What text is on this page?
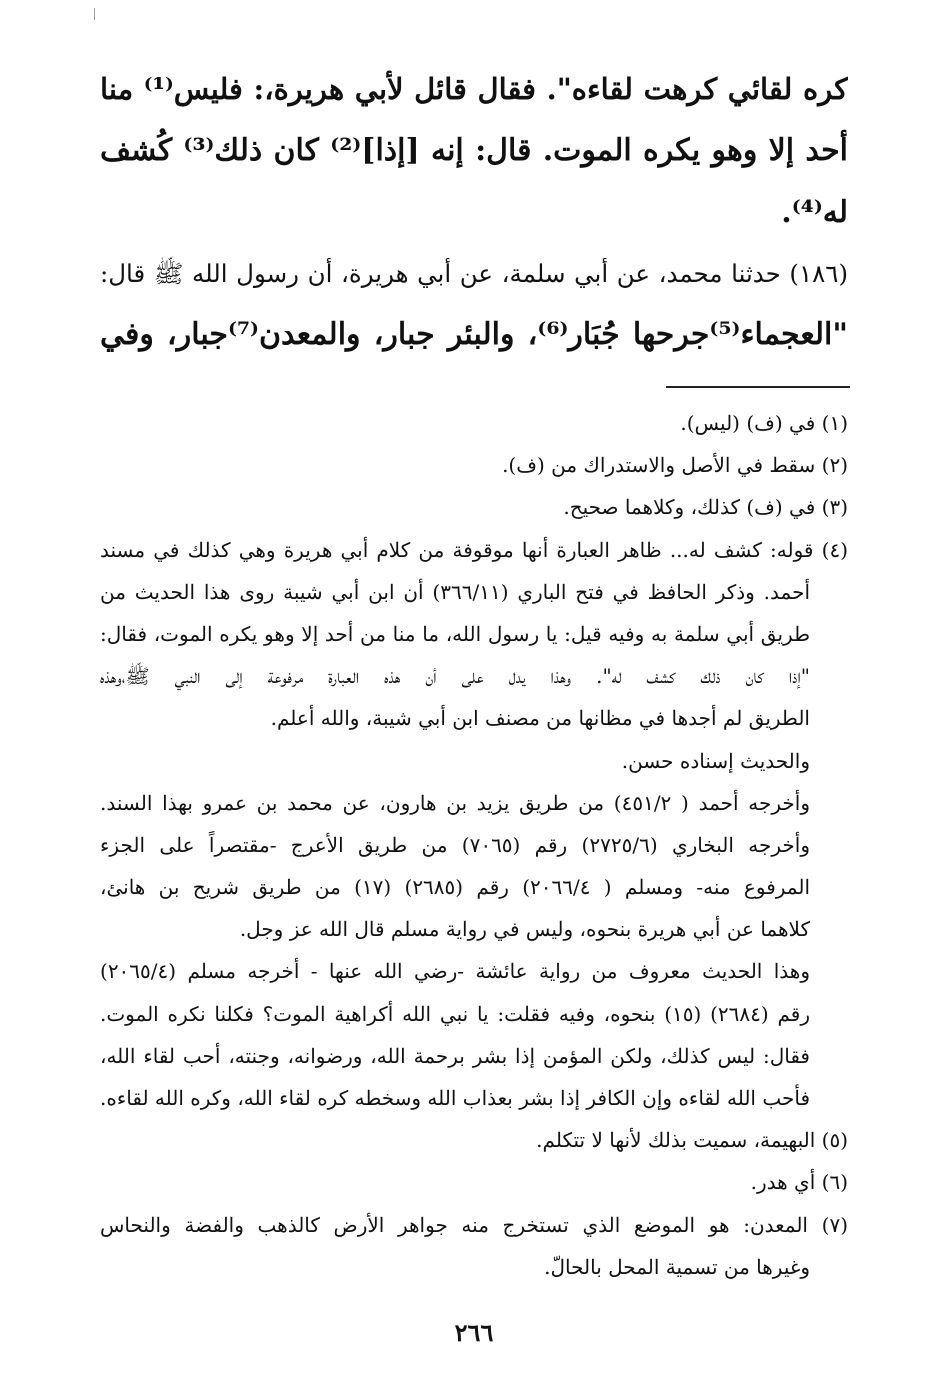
كره لقائي كرهت لقاءه". فقال قائل لأبي هريرة،: فليس⁽¹⁾ منا
أحد إلا وهو يكره الموت. قال: إنه [إذا]⁽²⁾ كان ذلك⁽³⁾ كُشف
له⁽⁴⁾.
(١٨٦) حدثنا محمد، عن أبي سلمة، عن أبي هريرة، أن رسول الله ﷺ قال:
"العجماء⁽⁵⁾جرحها جُبَار⁽⁶⁾، والبئر جبار، والمعدن⁽⁷⁾جبار، وفي
(١) في (ف) (ليس).
(٢) سقط في الأصل والاستدراك من (ف).
(٣) في (ف) كذلك، وكلاهما صحيح.
(٤) قوله: كشف له... ظاهر العبارة أنها موقوفة من كلام أبي هريرة وهي كذلك في مسند
أحمد. وذكر الحافظ في فتح الباري (٣٦٦/١١) أن ابن أبي شيبة روى هذا الحديث من
طريق أبي سلمة به وفيه قيل: يا رسول الله، ما منا من أحد إلا وهو يكره الموت، فقال:
"إذا كان ذلك كشف له". وهذا يدل على أن هذه العبارة مرفوعة إلى النبي ﷺ،وهذه
الطريق لم أجدها في مظانها من مصنف ابن أبي شيبة، والله أعلم.
والحديث إسناده حسن.
وأخرجه أحمد ( ٤٥١/٢) من طريق يزيد بن هارون، عن محمد بن عمرو بهذا السند.
وأخرجه البخاري (٢٧٢٥/٦) رقم (٧٠٦٥) من طريق الأعرج -مقتصراً على الجزء
المرفوع منه- ومسلم ( ٢٠٦٦/٤) رقم (٢٦٨٥) (١٧) من طريق شريح بن هانئ،
كلاهما عن أبي هريرة بنحوه، وليس في رواية مسلم قال الله عز وجل.
وهذا الحديث معروف من رواية عائشة -رضي الله عنها - أخرجه مسلم (٢٠٦٥/٤)
رقم (٢٦٨٤) (١٥) بنحوه، وفيه فقلت: يا نبي الله أكراهية الموت؟ فكلنا نكره الموت.
فقال: ليس كذلك، ولكن المؤمن إذا بشر برحمة الله، ورضوانه، وجنته، أحب لقاء الله،
فأحب الله لقاءه وإن الكافر إذا بشر بعذاب الله وسخطه كره لقاء الله، وكره الله لقاءه.
(٥) البهيمة، سميت بذلك لأنها لا تتكلم.
(٦) أي هدر.
(٧) المعدن: هو الموضع الذي تستخرج منه جواهر الأرض كالذهب والفضة والنحاس
وغيرها من تسمية المحل بالحالّ.
٢٦٦
